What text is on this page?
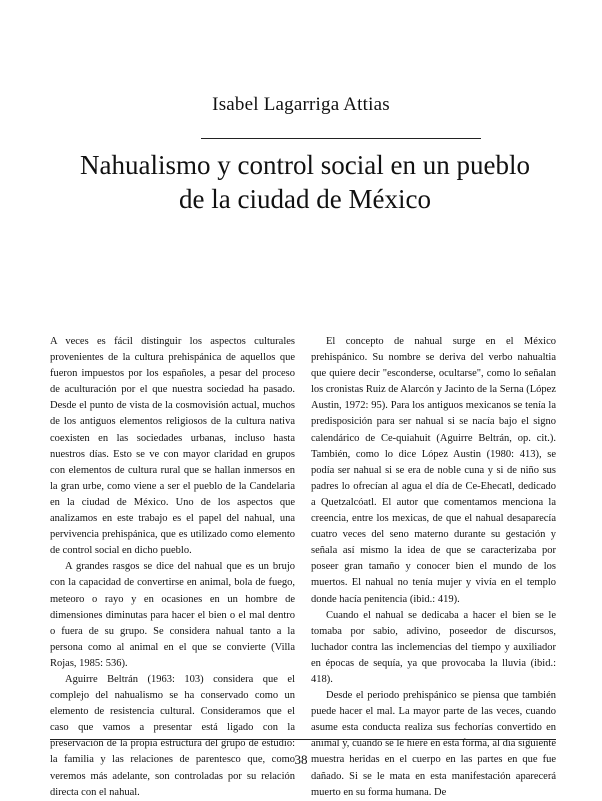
Isabel Lagarriga Attias
Nahualismo y control social en un pueblo
de la ciudad de México

A veces es fácil distinguir los aspectos culturales provenientes de la cultura prehispánica de aquellos que fueron impuestos por los españoles, a pesar del proceso de aculturación por el que nuestra sociedad ha pasado. Desde el punto de vista de la cosmovisión actual, muchos de los antiguos elementos religiosos de la cultura nativa coexisten en las sociedades urbanas, incluso hasta nuestros días. Esto se ve con mayor claridad en grupos con elementos de cultura rural que se hallan inmersos en la gran urbe, como viene a ser el pueblo de la Candelaria en la ciudad de México. Uno de los aspectos que analizamos en este trabajo es el papel del nahual, una pervivencia prehispánica, que es utilizado como elemento de control social en dicho pueblo.

A grandes rasgos se dice del nahual que es un brujo con la capacidad de convertirse en animal, bola de fuego, meteoro o rayo y en ocasiones en un hombre de dimensiones diminutas para hacer el bien o el mal dentro o fuera de su grupo. Se considera nahual tanto a la persona como al animal en el que se convierte (Villa Rojas, 1985: 536).

Aguirre Beltrán (1963: 103) considera que el complejo del nahualismo se ha conservado como un elemento de resistencia cultural. Consideramos que el caso que vamos a presentar está ligado con la preservación de la propia estructura del grupo de estudio: la familia y las relaciones de parentesco que, como veremos más adelante, son controladas por su relación directa con el nahual.

El concepto de nahual surge en el México prehispánico. Su nombre se deriva del verbo nahualtia que quiere decir "esconderse, ocultarse", como lo señalan los cronistas Ruiz de Alarcón y Jacinto de la Serna (López Austin, 1972: 95). Para los antiguos mexicanos se tenía la predisposición para ser nahual si se nacía bajo el signo calendárico de Ce-quiahuit (Aguirre Beltrán, op. cit.). También, como lo dice López Austin (1980: 413), se podía ser nahual si se era de noble cuna y si de niño sus padres lo ofrecían al agua el día de Ce-Ehecatl, dedicado a Quetzalcóatl. El autor que comentamos menciona la creencia, entre los mexicas, de que el nahual desaparecía cuatro veces del seno materno durante su gestación y señala así mismo la idea de que se caracterizaba por poseer gran tamaño y conocer bien el mundo de los muertos. El nahual no tenía mujer y vivía en el templo donde hacía penitencia (ibid.: 419).

Cuando el nahual se dedicaba a hacer el bien se le tomaba por sabio, adivino, poseedor de discursos, luchador contra las inclemencias del tiempo y auxiliador en épocas de sequía, ya que provocaba la lluvia (ibid.: 418).

Desde el periodo prehispánico se piensa que también puede hacer el mal. La mayor parte de las veces, cuando asume esta conducta realiza sus fechorías convertido en animal y, cuando se le hiere en esta forma, al día siguiente muestra heridas en el cuerpo en las partes en que fue dañado. Si se le mata en esta manifestación aparecerá muerto en su forma humana. De

38
